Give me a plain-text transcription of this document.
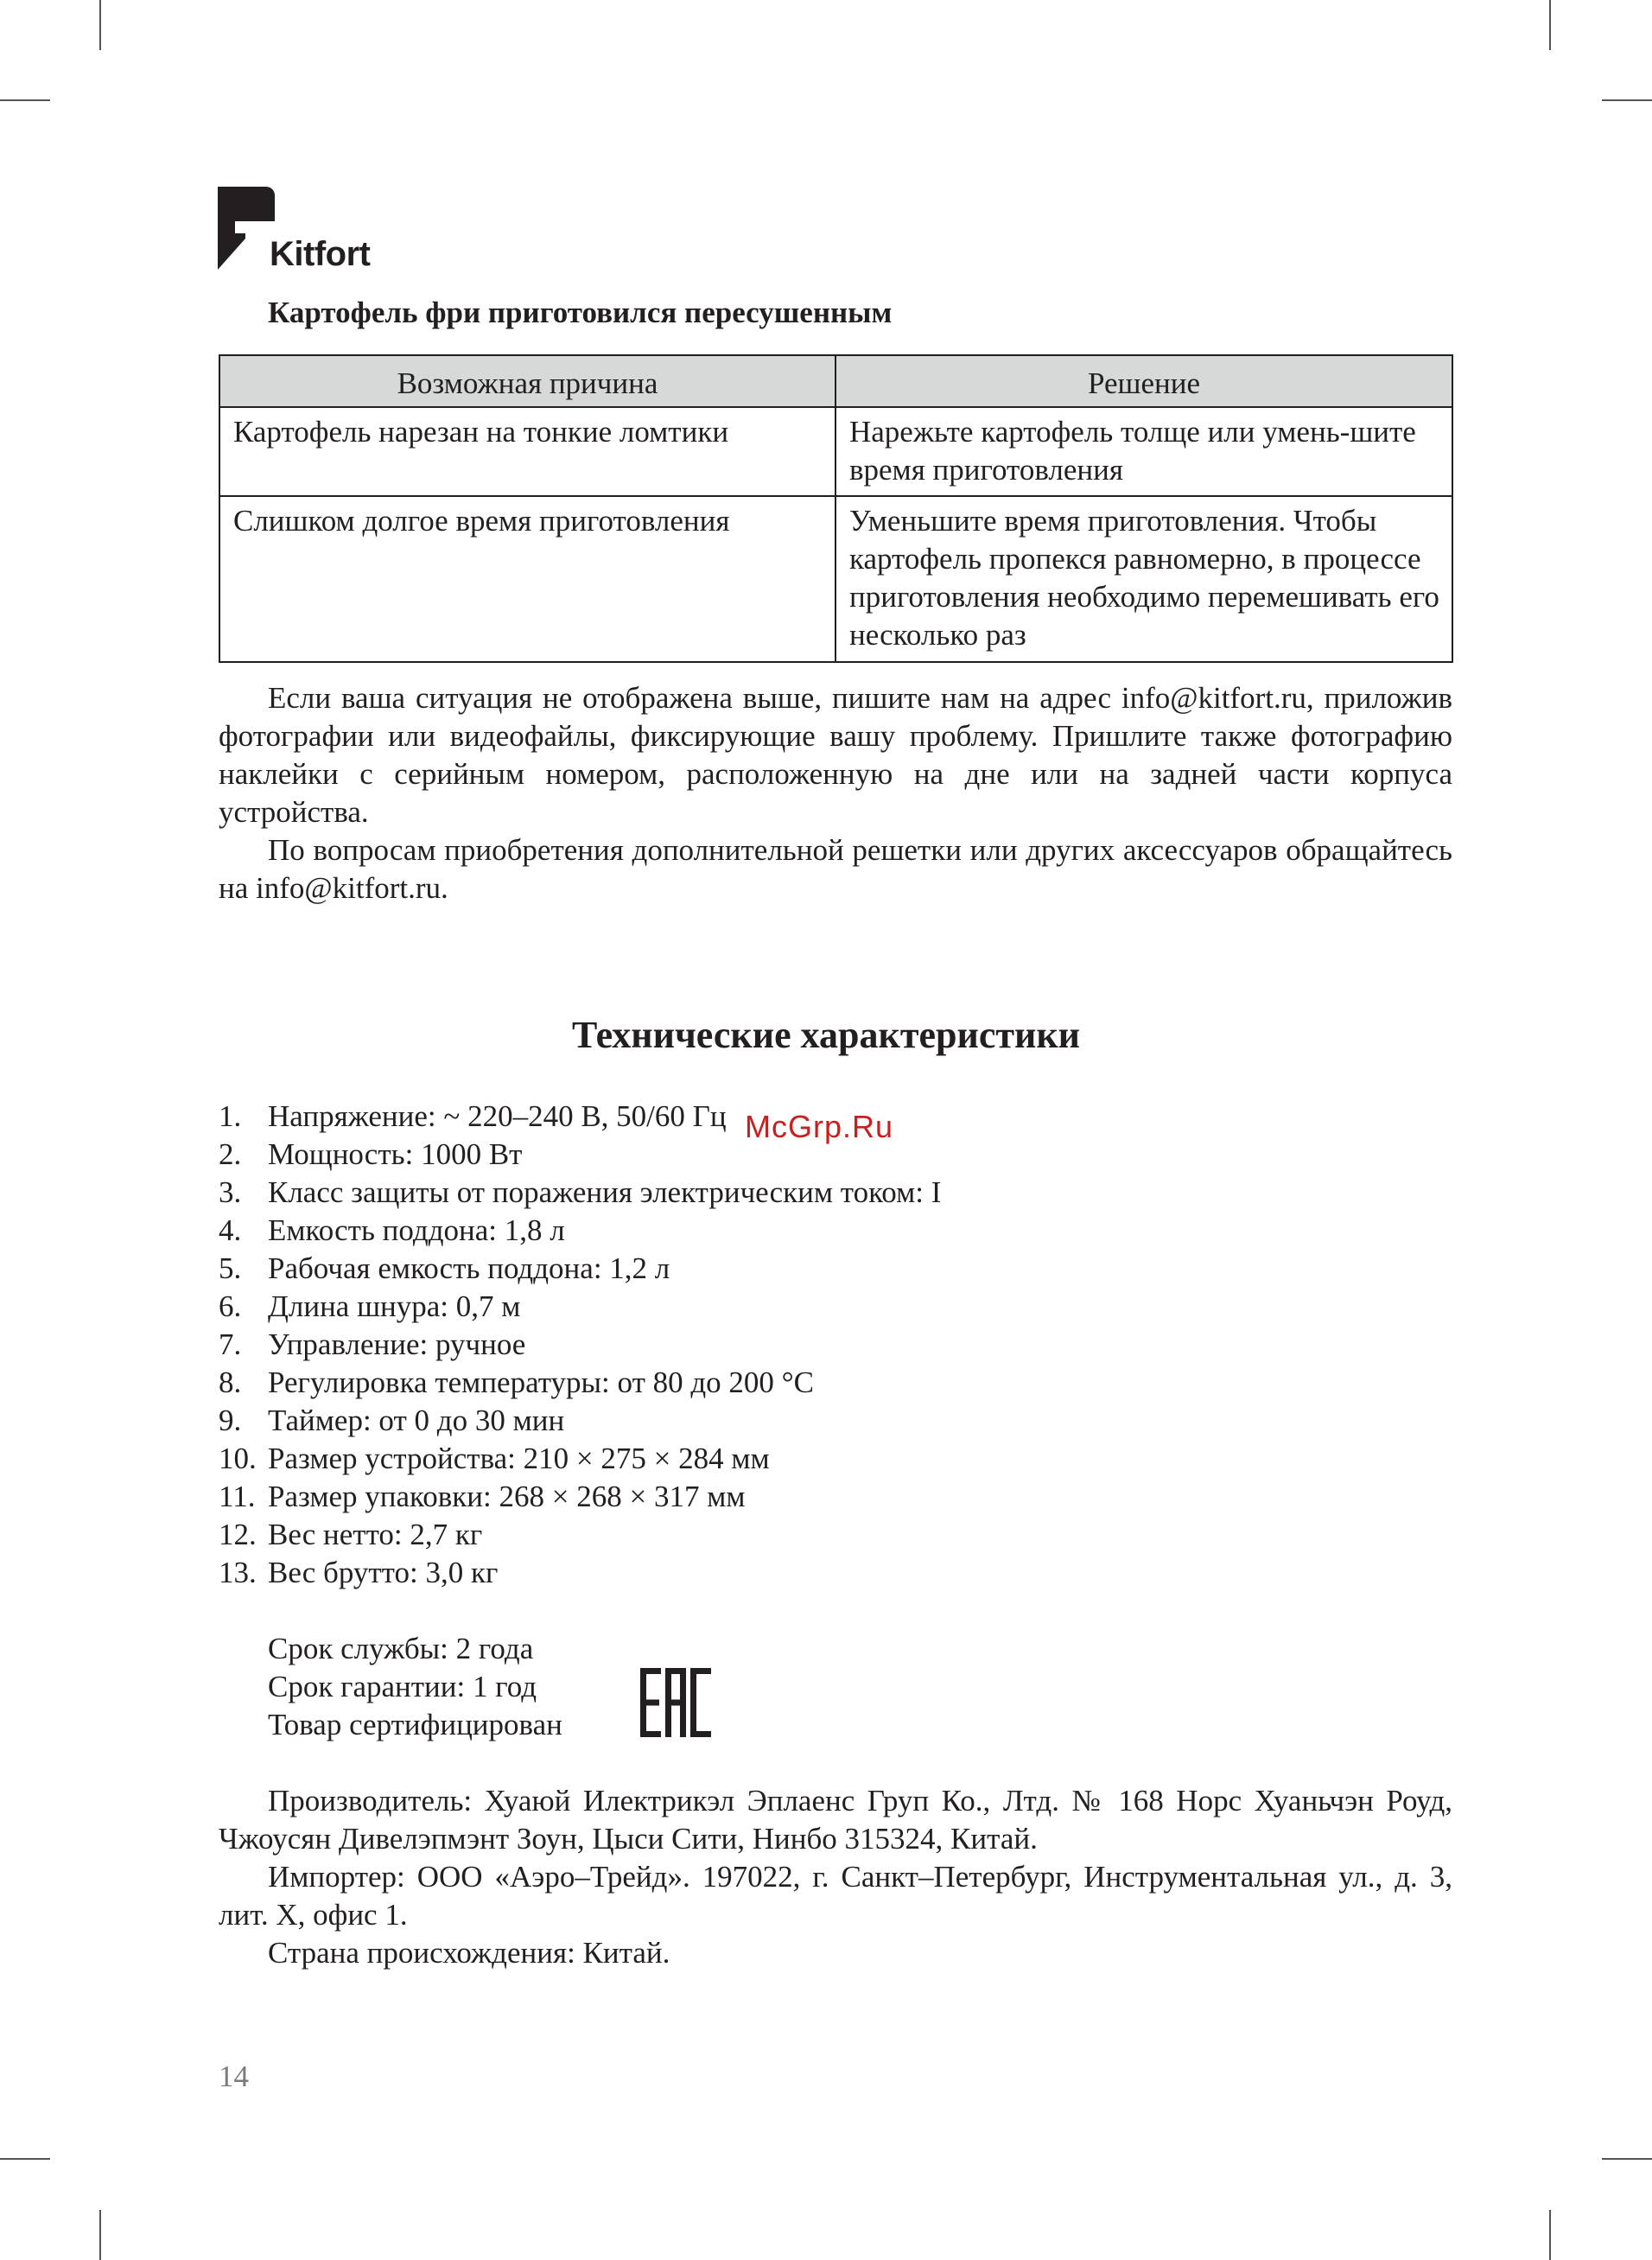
Kitfort
Картофель фри приготовился пересушенным
Возможная причина	Решение
Картофель нарезан на тонкие ломтики	Нарежьте картофель толще или умень-шите время приготовления
Слишком долгое время приготовления	Уменьшите время приготовления. Чтобы картофель пропекся равномерно, в процессе приготовления необходимо перемешивать его несколько раз

Если ваша ситуация не отображена выше, пишите нам на адрес info@kitfort.ru, приложив фотографии или видеофайлы, фиксирующие вашу проблему. Пришлите также фотографию наклейки с серийным номером, расположенную на дне или на задней части корпуса устройства.

По вопросам приобретения дополнительной решетки или других аксессуаров обращайтесь на info@kitfort.ru.

Технические характеристики
1. Напряжение: ~ 220–240 В, 50/60 Гц
2. Мощность: 1000 Вт
3. Класс защиты от поражения электрическим током: I
4. Емкость поддона: 1,8 л
5. Рабочая емкость поддона: 1,2 л
6. Длина шнура: 0,7 м
7. Управление: ручное
8. Регулировка температуры: от 80 до 200 °C
9. Таймер: от 0 до 30 мин
10. Размер устройства: 210 × 275 × 284 мм
11. Размер упаковки: 268 × 268 × 317 мм
12. Вес нетто: 2,7 кг
13. Вес брутто: 3,0 кг
McGrp.Ru
Срок службы: 2 года
Срок гарантии: 1 год
Товар сертифицирован

Производитель: Хуаюй Илектрикэл Эплаенс Груп Ко., Лтд. № 168 Норс Хуаньчэн Роуд, Чжоусян Дивелэпмэнт Зоун, Цыси Сити, Нинбо 315324, Китай.

Импортер: ООО «Аэро–Трейд». 197022, г. Санкт–Петербург, Инструментальная ул., д. 3, лит. Х, офис 1.

Страна происхождения: Китай.

14
